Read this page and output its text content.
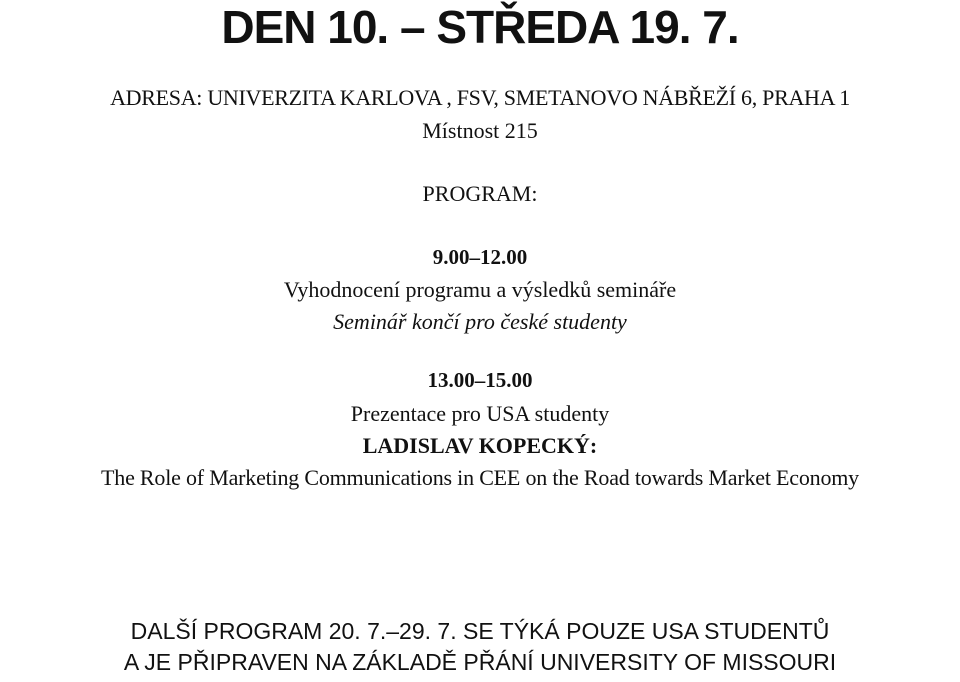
DEN 10. – STŘEDA 19. 7.
ADRESA: UNIVERZITA KARLOVA , FSV, SMETANOVO NÁBŘEŽÍ 6, PRAHA 1
Místnost 215
PROGRAM:
9.00–12.00
Vyhodnocení programu a výsledků semináře
Seminář končí pro české studenty
13.00–15.00
Prezentace pro USA studenty
LADISLAV KOPECKÝ:
The Role of Marketing Communications in CEE on the Road towards Market Economy
DALŠÍ PROGRAM 20. 7.–29. 7. SE TÝKÁ POUZE USA STUDENTŮ
A JE PŘIPRAVEN NA ZÁKLADĚ PŘÁNÍ UNIVERSITY OF MISSOURI
